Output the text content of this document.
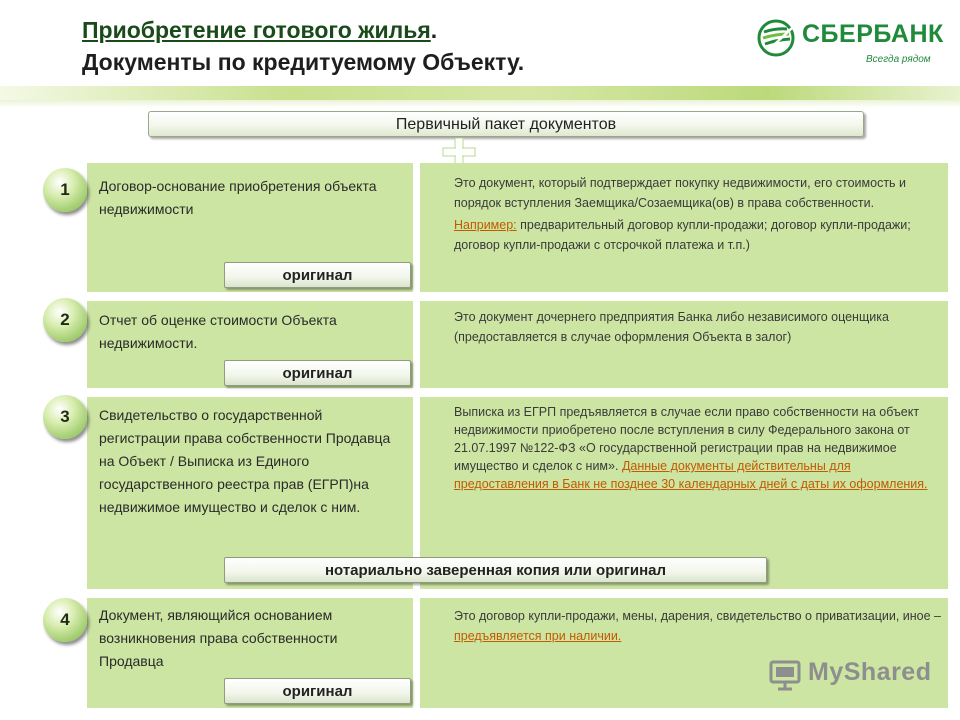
Приобретение готового жилья.
Документы по кредитуемому Объекту.
СБЕРБАНК
Всегда рядом
Первичный пакет документов
Договор-основание приобретения объекта недвижимости
Это документ, который подтверждает покупку недвижимости, его стоимость и порядок вступления Заемщика/Созаемщика(ов) в права собственности.
Например: предварительный договор купли-продажи; договор купли-продажи; договор купли-продажи с отсрочкой платежа и т.п.)
1
оригинал
Отчет об оценке стоимости Объекта недвижимости.
Это документ дочернего предприятия Банка либо независимого оценщика (предоставляется в случае оформления Объекта в залог)
2
оригинал
Свидетельство о государственной регистрации права собственности Продавца на Объект / Выписка из Единого государственного реестра прав (ЕГРП)на недвижимое имущество и сделок с ним.
Выписка из ЕГРП предъявляется в случае если право собственности на объект недвижимости приобретено после вступления в силу Федерального закона от 21.07.1997 №122-ФЗ «О государственной регистрации прав на недвижимое имущество и сделок с ним». Данные документы действительны для предоставления в Банк не позднее 30 календарных дней с даты их оформления.
3
нотариально заверенная копия или оригинал
Документ, являющийся основанием возникновения права собственности Продавца
Это договор купли-продажи, мены, дарения, свидетельство о приватизации, иное – предъявляется при наличии.
4
оригинал
MyShared
